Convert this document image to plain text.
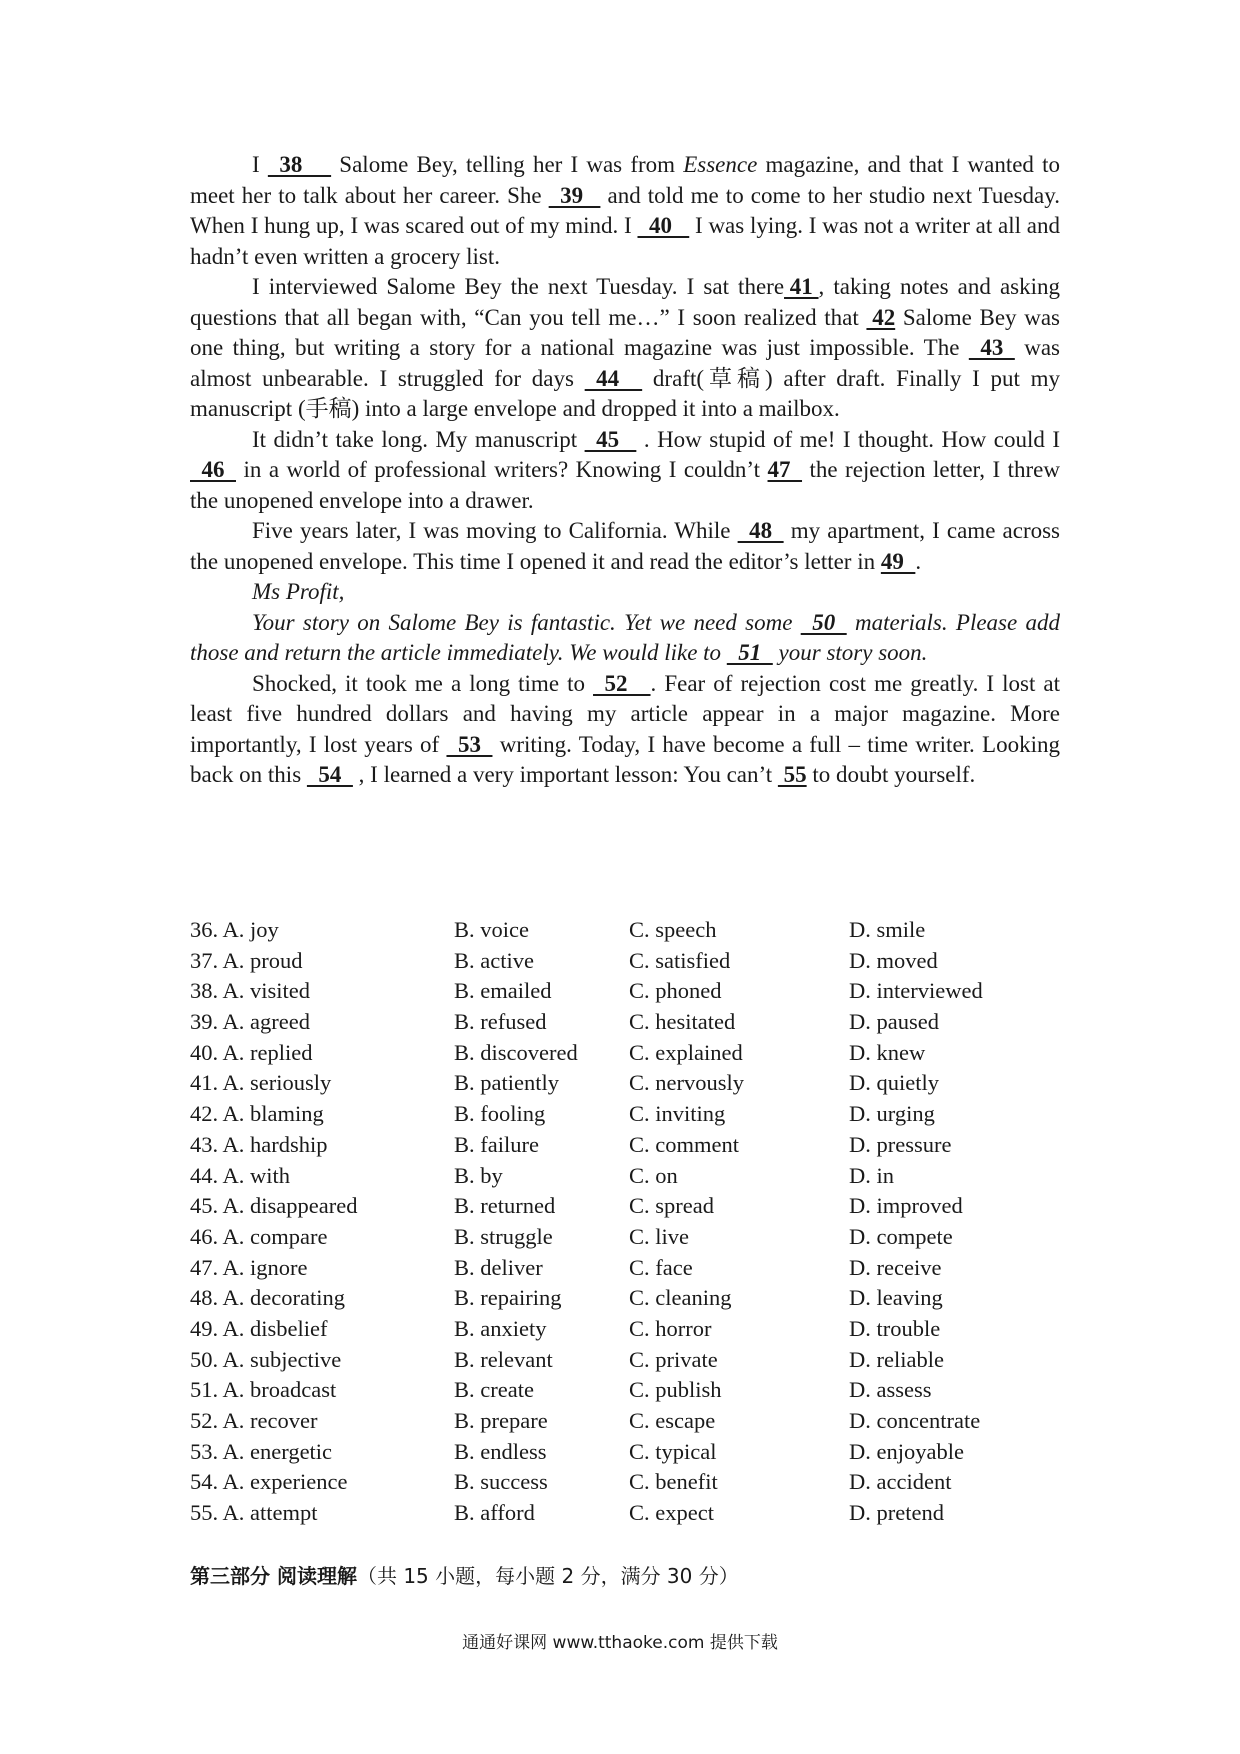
I   38      Salome Bey, telling her I was from Essence magazine, and that I wanted to meet her to talk about her career. She   39    and told me to come to her studio next Tuesday. When I hung up, I was scared out of my mind. I   40    I was lying. I was not a writer at all and hadn’t even written a grocery list.

I interviewed Salome Bey the next Tuesday. I sat there 41 , taking notes and asking questions that all began with, “Can you tell me…” I soon realized that  42 Salome Bey was one thing, but writing a story for a national magazine was just impossible. The   43   was almost unbearable. I struggled for days   44     draft(草稿) after draft. Finally I put my manuscript (手稿) into a large envelope and dropped it into a mailbox.

It didn’t take long. My manuscript   45    . How stupid of me! I thought. How could I   46   in a world of professional writers? Knowing I couldn’t 47   the rejection letter, I threw the unopened envelope into a drawer.

Five years later, I was moving to California. While   48   my apartment, I came across the unopened envelope. This time I opened it and read the editor’s letter in 49  .

Ms Profit,

Your story on Salome Bey is fantastic. Yet we need some   50   materials. Please add those and return the article immediately. We would like to   51   your story soon.

Shocked, it took me a long time to   52    . Fear of rejection cost me greatly. I lost at least five hundred dollars and having my article appear in a major magazine. More importantly, I lost years of   53   writing. Today, I have become a full – time writer. Looking back on this   54   , I learned a very important lesson: You can’t  55 to doubt yourself.

36. A. joy	B. voice	C. speech	D. smile
37. A. proud	B. active	C. satisfied	D. moved
38. A. visited	B. emailed	C. phoned	D. interviewed
39. A. agreed	B. refused	C. hesitated	D. paused
40. A. replied	B. discovered	C. explained	D. knew
41. A. seriously	B. patiently	C. nervously	D. quietly
42. A. blaming	B. fooling	C. inviting	D. urging
43. A. hardship	B. failure	C. comment	D. pressure
44. A. with	B. by	C. on	D. in
45. A. disappeared	B. returned	C. spread	D. improved
46. A. compare	B. struggle	C. live	D. compete
47. A. ignore	B. deliver	C. face	D. receive
48. A. decorating	B. repairing	C. cleaning	D. leaving
49. A. disbelief	B. anxiety	C. horror	D. trouble
50. A. subjective	B. relevant	C. private	D. reliable
51. A. broadcast	B. create	C. publish	D. assess
52. A. recover	B. prepare	C. escape	D. concentrate
53. A. energetic	B. endless	C. typical	D. enjoyable
54. A. experience	B. success	C. benefit	D. accident
55. A. attempt	B. afford	C. expect	D. pretend
第三部分 阅读理解（共 15 小题，每小题 2 分，满分 30 分）
通通好课网 www.tthaoke.com 提供下载
